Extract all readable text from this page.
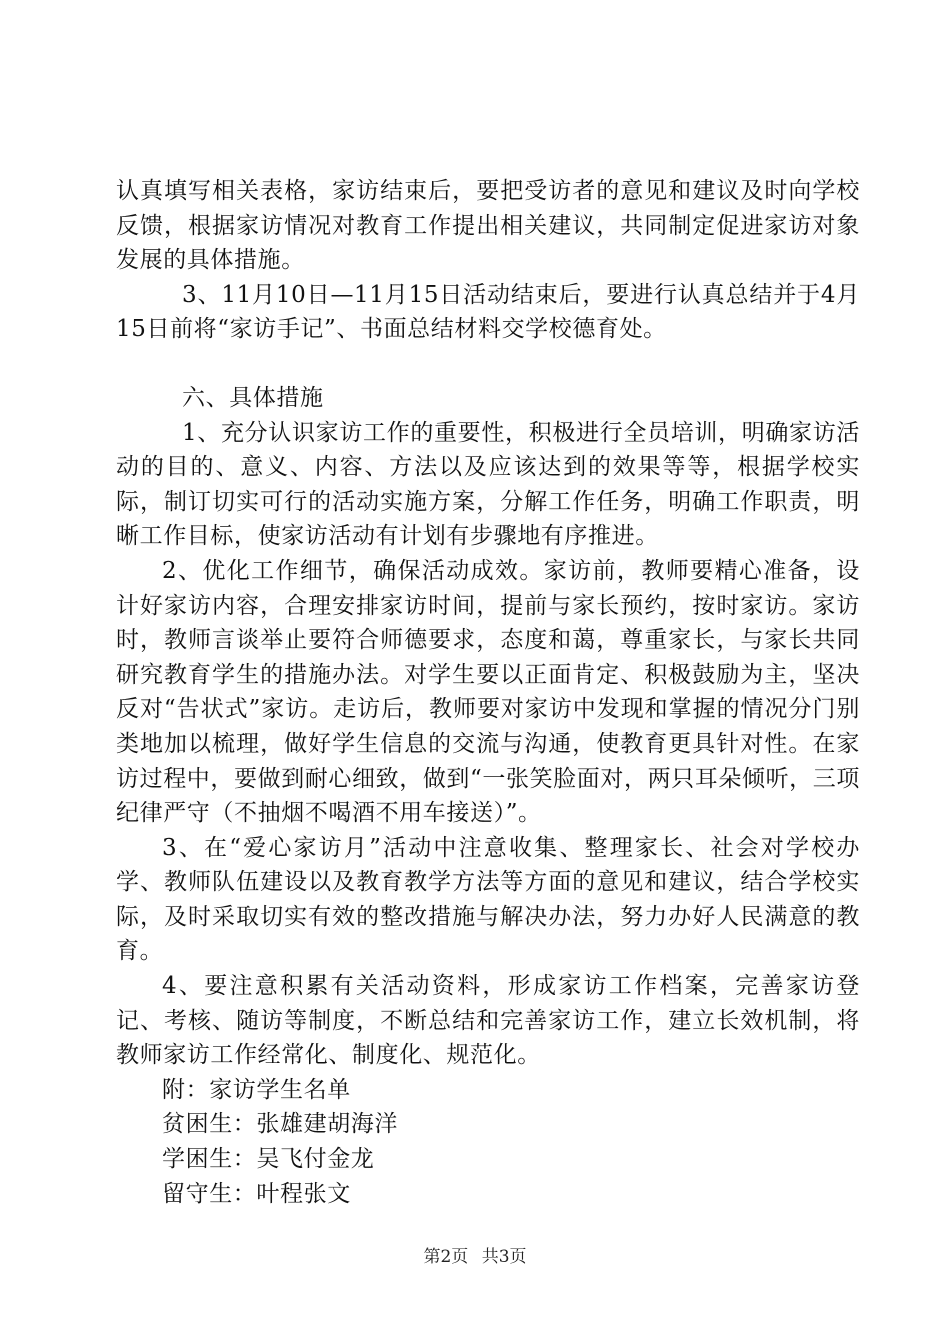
认真填写相关表格，家访结束后，要把受访者的意见和建议及时向学校反馈，根据家访情况对教育工作提出相关建议，共同制定促进家访对象发展的具体措施。

3、11月10日—11月15日活动结束后，要进行认真总结并于4月15日前将“家访手记”、书面总结材料交学校德育处。

六、具体措施

1、充分认识家访工作的重要性，积极进行全员培训，明确家访活动的目的、意义、内容、方法以及应该达到的效果等等，根据学校实际，制订切实可行的活动实施方案，分解工作任务，明确工作职责，明晰工作目标，使家访活动有计划有步骤地有序推进。

2、优化工作细节，确保活动成效。家访前，教师要精心准备，设计好家访内容，合理安排家访时间，提前与家长预约，按时家访。家访时，教师言谈举止要符合师德要求，态度和蔼，尊重家长，与家长共同研究教育学生的措施办法。对学生要以正面肯定、积极鼓励为主，坚决反对“告状式”家访。走访后，教师要对家访中发现和掌握的情况分门别类地加以梳理，做好学生信息的交流与沟通，使教育更具针对性。在家访过程中，要做到耐心细致，做到“一张笑脸面对，两只耳朵倾听，三项纪律严守（不抽烟不喝酒不用车接送）”。

3、在“爱心家访月”活动中注意收集、整理家长、社会对学校办学、教师队伍建设以及教育教学方法等方面的意见和建议，结合学校实际，及时采取切实有效的整改措施与解决办法，努力办好人民满意的教育。

4、要注意积累有关活动资料，形成家访工作档案，完善家访登记、考核、随访等制度，不断总结和完善家访工作，建立长效机制，将教师家访工作经常化、制度化、规范化。

附：家访学生名单

贫困生：张雄建胡海洋

学困生：吴飞付金龙

留守生：叶程张文

第2页 共3页
